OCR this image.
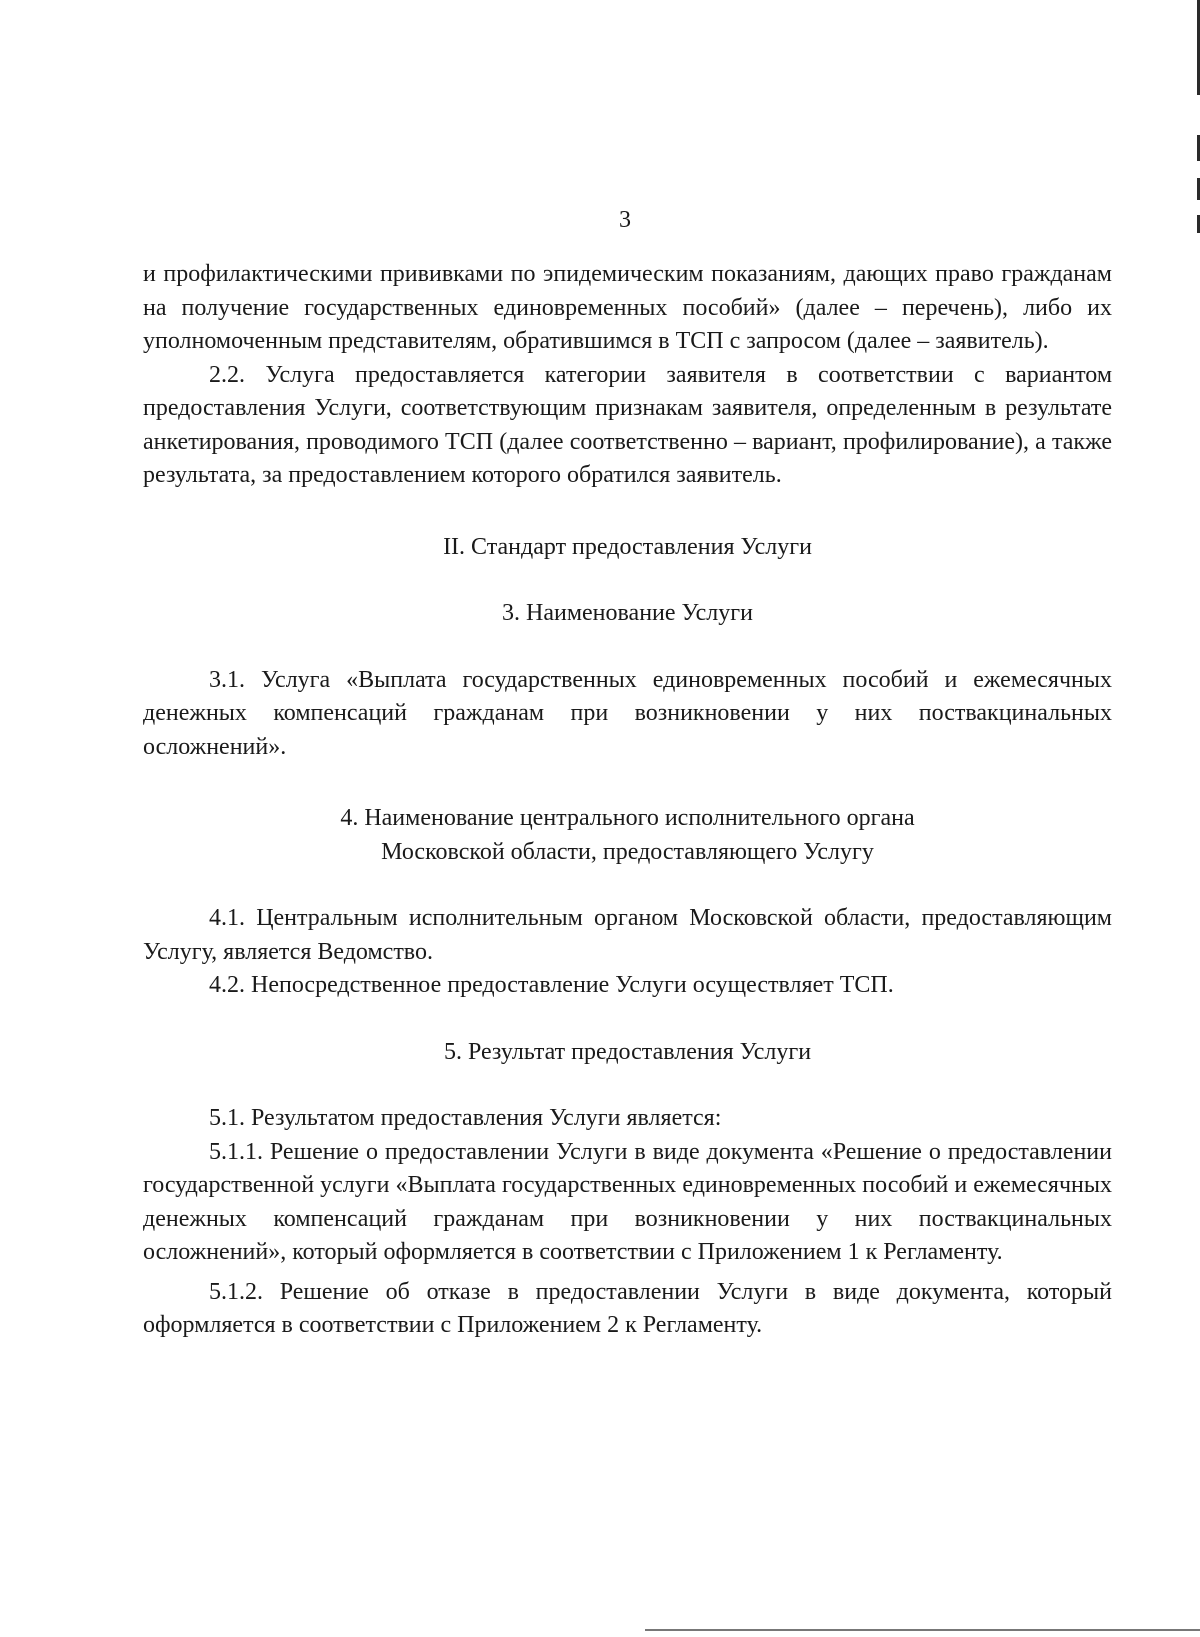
3

и профилактическими прививками по эпидемическим показаниям, дающих право гражданам на получение государственных единовременных пособий» (далее – перечень), либо их уполномоченным представителям, обратившимся в ТСП с запросом (далее – заявитель).

2.2. Услуга предоставляется категории заявителя в соответствии с вариантом предоставления Услуги, соответствующим признакам заявителя, определенным в результате анкетирования, проводимого ТСП (далее соответственно – вариант, профилирование), а также результата, за предоставлением которого обратился заявитель.

II. Стандарт предоставления Услуги

3. Наименование Услуги

3.1. Услуга «Выплата государственных единовременных пособий и ежемесячных денежных компенсаций гражданам при возникновении у них поствакцинальных осложнений».

4. Наименование центрального исполнительного органа
Московской области, предоставляющего Услугу

4.1. Центральным исполнительным органом Московской области, предоставляющим Услугу, является Ведомство.

4.2. Непосредственное предоставление Услуги осуществляет ТСП.

5. Результат предоставления Услуги

5.1. Результатом предоставления Услуги является:

5.1.1. Решение о предоставлении Услуги в виде документа «Решение о предоставлении государственной услуги «Выплата государственных единовременных пособий и ежемесячных денежных компенсаций гражданам при возникновении у них поствакцинальных осложнений», который оформляется в соответствии с Приложением 1 к Регламенту.

5.1.2. Решение об отказе в предоставлении Услуги в виде документа, который оформляется в соответствии с Приложением 2 к Регламенту.
